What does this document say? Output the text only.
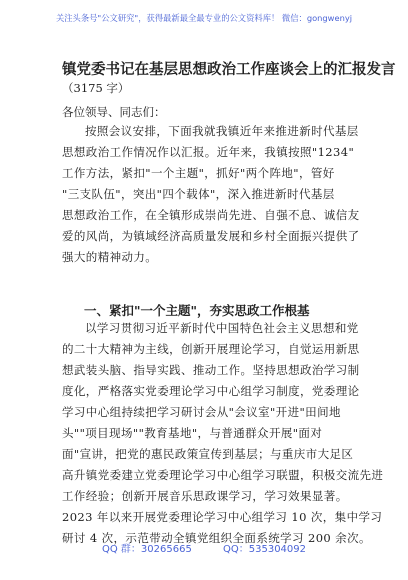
关注头条号"公文研究"，获得最新最全最专业的公文资料库！ 微信：gongwenyj
镇党委书记在基层思想政治工作座谈会上的汇报发言
（3175 字）
各位领导、同志们：
按照会议安排，下面我就我镇近年来推进新时代基层
思想政治工作情况作以汇报。近年来，我镇按照"1234"
工作方法，紧扣"一个主题"，抓好"两个阵地"，管好
"三支队伍"，突出"四个载体"，深入推进新时代基层
思想政治工作，在全镇形成崇尚先进、自强不息、诚信友
爱的风尚，为镇域经济高质量发展和乡村全面振兴提供了
强大的精神动力。
一、紧扣"一个主题"，夯实思政工作根基
以学习贯彻习近平新时代中国特色社会主义思想和党
的二十大精神为主线，创新开展理论学习，自觉运用新思
想武装头脑、指导实践、推动工作。坚持思想政治学习制
度化，严格落实党委理论学习中心组学习制度，党委理论
学习中心组持续把学习研讨会从"会议室"开进"田间地
头""项目现场""教育基地"，与普通群众开展"面对
面"宣讲，把党的惠民政策宣传到基层；与重庆市大足区
高升镇党委建立党委理论学习中心组学习联盟，积极交流先进
工作经验；创新开展音乐思政课学习，学习效果显著。
2023 年以来开展党委理论学习中心组学习 10 次，集中学习
研讨 4 次，示范带动全镇党组织全面系统学习 200 余次。
QQ 群：30265665	QQ：535304092
